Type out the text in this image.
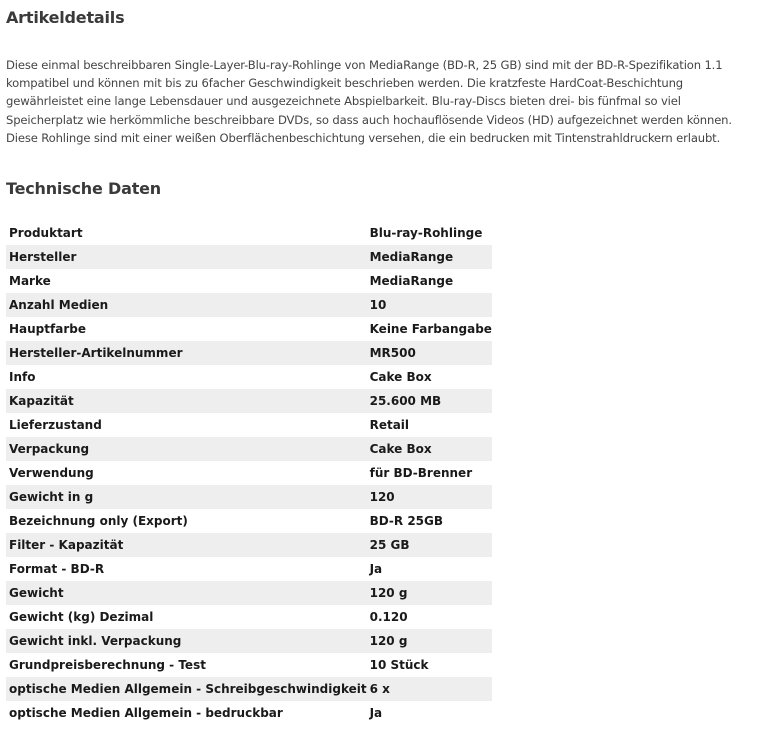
Artikeldetails

Diese einmal beschreibbaren Single-Layer-Blu-ray-Rohlinge von MediaRange (BD-R, 25 GB) sind mit der BD-R-Spezifikation 1.1 kompatibel und können mit bis zu 6facher Geschwindigkeit beschrieben werden. Die kratzfeste HardCoat-Beschichtung gewährleistet eine lange Lebensdauer und ausgezeichnete Abspielbarkeit. Blu-ray-Discs bieten drei- bis fünfmal so viel Speicherplatz wie herkömmliche beschreibbare DVDs, so dass auch hochauflösende Videos (HD) aufgezeichnet werden können. Diese Rohlinge sind mit einer weißen Oberflächenbeschichtung versehen, die ein bedrucken mit Tintenstrahldruckern erlaubt.

Technische Daten
Produktart	Blu-ray-Rohlinge
Hersteller	MediaRange
Marke	MediaRange
Anzahl Medien	10
Hauptfarbe	Keine Farbangabe
Hersteller-Artikelnummer	MR500
Info	Cake Box
Kapazität	25.600 MB
Lieferzustand	Retail
Verpackung	Cake Box
Verwendung	für BD-Brenner
Gewicht in g	120
Bezeichnung only (Export)	BD-R 25GB
Filter - Kapazität	25 GB
Format - BD-R	Ja
Gewicht	120 g
Gewicht (kg) Dezimal	0.120
Gewicht inkl. Verpackung	120 g
Grundpreisberechnung - Test	10 Stück
optische Medien Allgemein - Schreibgeschwindigkeit	6 x
optische Medien Allgemein - bedruckbar	Ja
